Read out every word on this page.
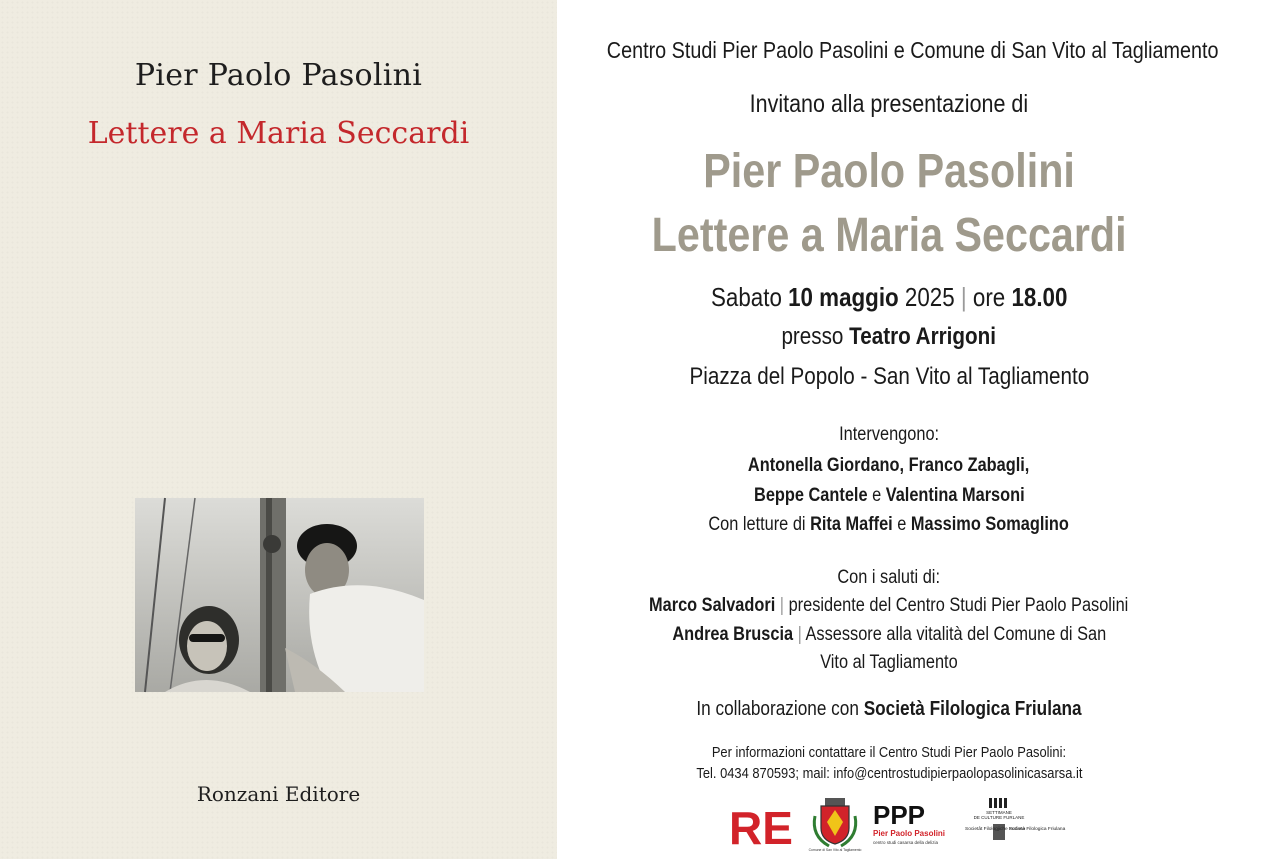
Pier Paolo Pasolini
Lettere a Maria Seccardi
Ronzani Editore
Centro Studi Pier Paolo Pasolini e Comune di San Vito al Tagliamento
Invitano alla presentazione di
Pier Paolo Pasolini
Lettere a Maria Seccardi
Sabato 10 maggio 2025 | ore 18.00
presso Teatro Arrigoni
Piazza del Popolo - San Vito al Tagliamento
Intervengono:
Antonella Giordano, Franco Zabagli,
Beppe Cantele e Valentina Marsoni
Con letture di Rita Maffei e Massimo Somaglino
Con i saluti di:
Marco Salvadori | presidente del Centro Studi Pier Paolo Pasolini
Andrea Bruscia | Assessore alla vitalità del Comune di San
Vito al Tagliamento
In collaborazione con Società Filologica Friulana
Per informazioni contattare il Centro Studi Pier Paolo Pasolini:
Tel. 0434 870593; mail: info@centrostudipierpaolopasolinicasarsa.it
RE	Comune di San Vito al Tagliamento
PPP
Pier Paolo Pasolini
centro studi casarsa della delizia
SETTIMANE
DE CULTURE FURLANE
Societât Filologjiche Furlane
Società Filologica Friulana
